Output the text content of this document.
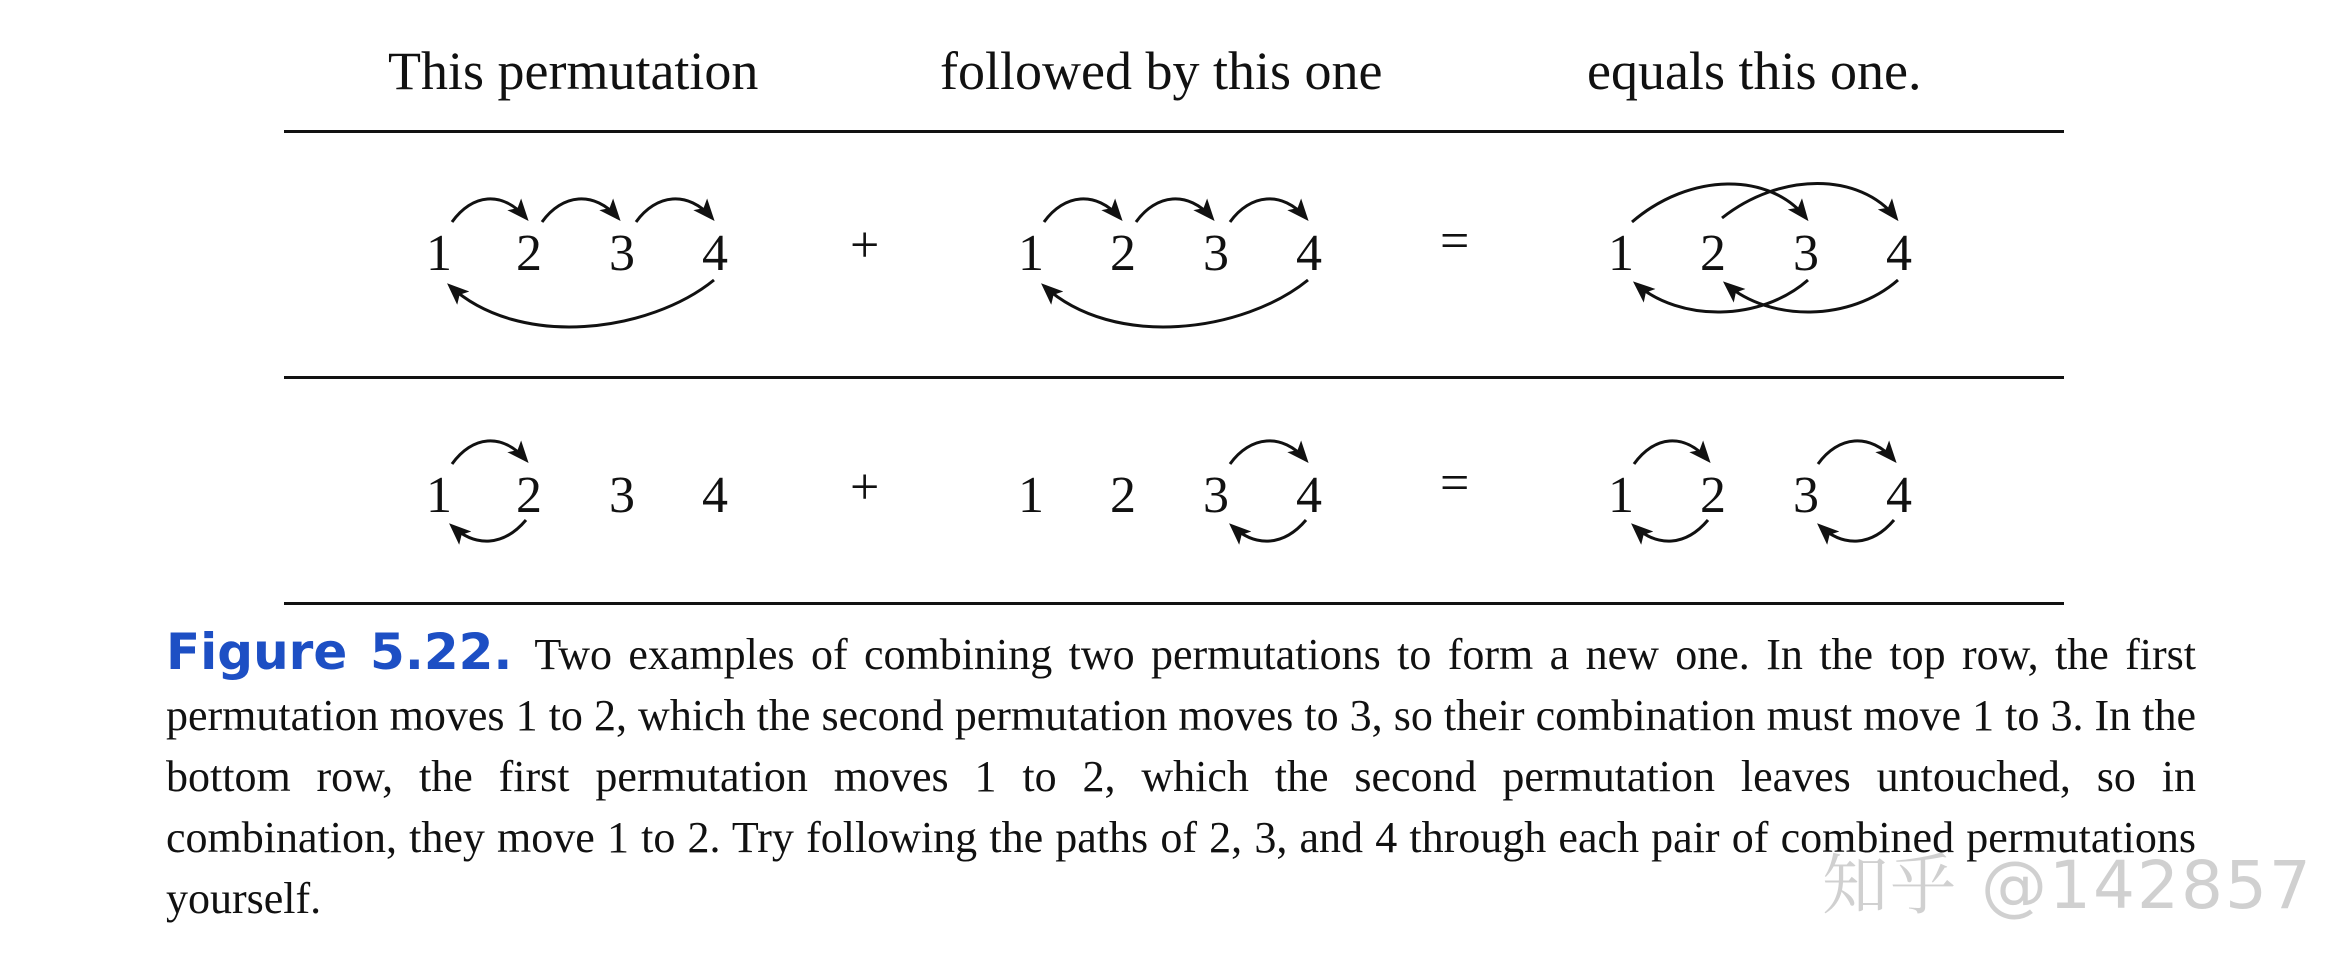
This permutation	followed by this one	equals this one.
1 2 3 4 +	1 2 3 4 =	1 2 3 4
1 2 3 4 +	1 2 3 4 =	1 2 3 4
Figure 5.22. Two examples of combining two permutations to form a new one. In the top row, the first permutation moves 1 to 2, which the second permutation moves to 3, so their combination must move 1 to 3. In the bottom row, the first permutation moves 1 to 2, which the second permutation leaves untouched, so in combination, they move 1 to 2. Try following the paths of 2, 3, and 4 through each pair of combined permutations yourself.	知乎 @142857
